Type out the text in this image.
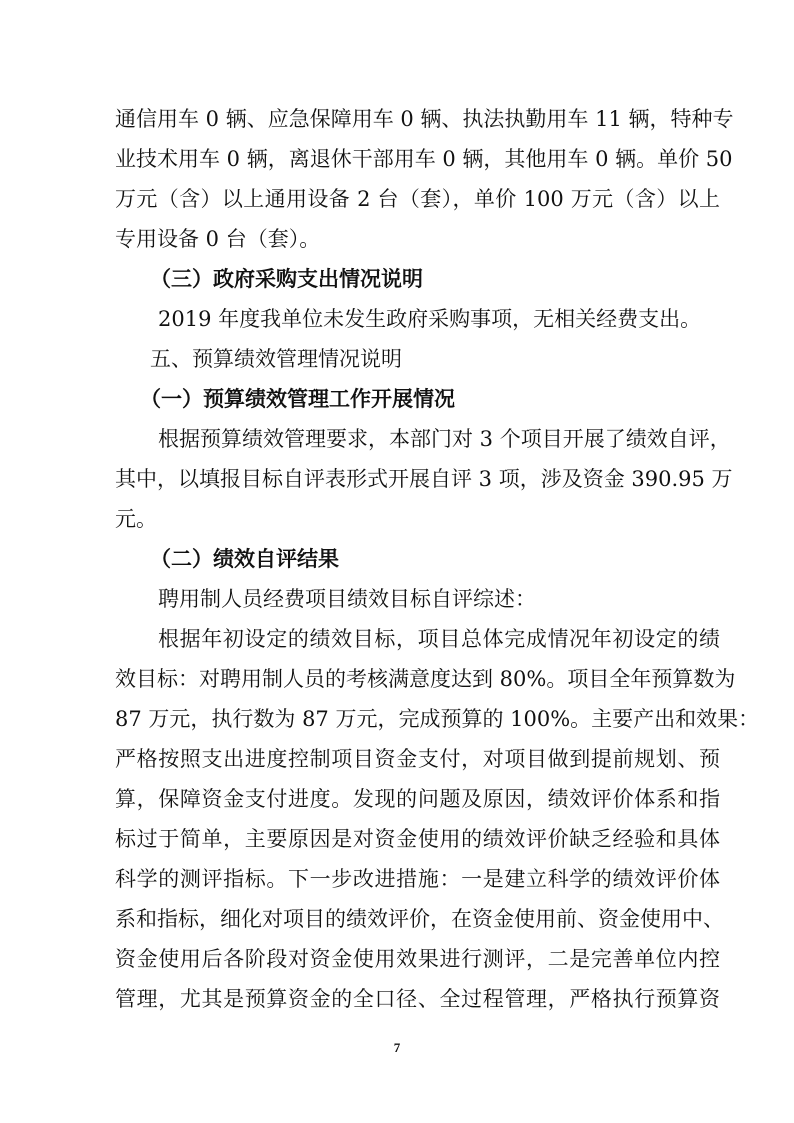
通信用车 0 辆、应急保障用车 0 辆、执法执勤用车 11 辆，特种专
业技术用车 0 辆，离退休干部用车 0 辆，其他用车 0 辆。单价 50
万元（含）以上通用设备 2 台（套），单价 100 万元（含）以上
专用设备 0 台（套）。
（三）政府采购支出情况说明
2019 年度我单位未发生政府采购事项，无相关经费支出。
五、预算绩效管理情况说明
（一）预算绩效管理工作开展情况
根据预算绩效管理要求，本部门对 3 个项目开展了绩效自评，
其中，以填报目标自评表形式开展自评 3 项，涉及资金 390.95 万
元。
（二）绩效自评结果
聘用制人员经费项目绩效目标自评综述：
根据年初设定的绩效目标，项目总体完成情况年初设定的绩
效目标：对聘用制人员的考核满意度达到 80%。项目全年预算数为
87 万元，执行数为 87 万元，完成预算的 100%。主要产出和效果：
严格按照支出进度控制项目资金支付，对项目做到提前规划、预
算，保障资金支付进度。发现的问题及原因，绩效评价体系和指
标过于简单，主要原因是对资金使用的绩效评价缺乏经验和具体
科学的测评指标。下一步改进措施：一是建立科学的绩效评价体
系和指标，细化对项目的绩效评价，在资金使用前、资金使用中、
资金使用后各阶段对资金使用效果进行测评，二是完善单位内控
管理，尤其是预算资金的全口径、全过程管理，严格执行预算资
7
